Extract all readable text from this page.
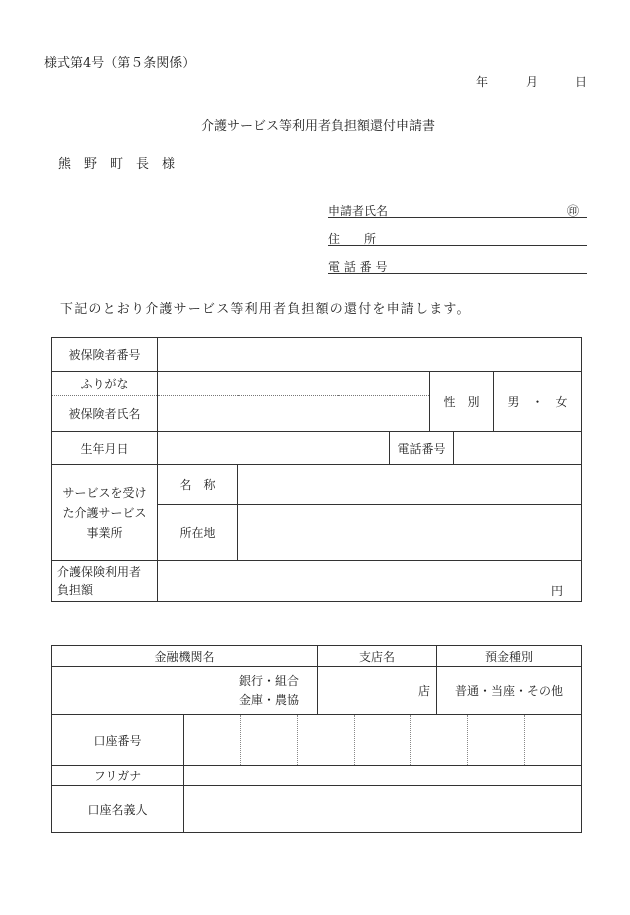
様式第4号（第５条関係）
年	月	日
介護サービス等利用者負担額還付申請書
熊　野　町　長　様
申請者氏名	㊞
住　　所
電 話 番 号
下記のとおり介護サービス等利用者負担額の還付を申請します。
被保険者番号						
ふりがな				性　別		男　・　女
被保険者氏名						
生年月日			電話番号			

サービスを受け
た介護サービス
事業所	名　称					
	所在地					

介護保険利用者
負担額	円					
金融機関名		支店名	預金種別

銀行・組合
金庫・農協		店	普通・当座・その他
口座番号			

フリガナ			
口座名義人			
